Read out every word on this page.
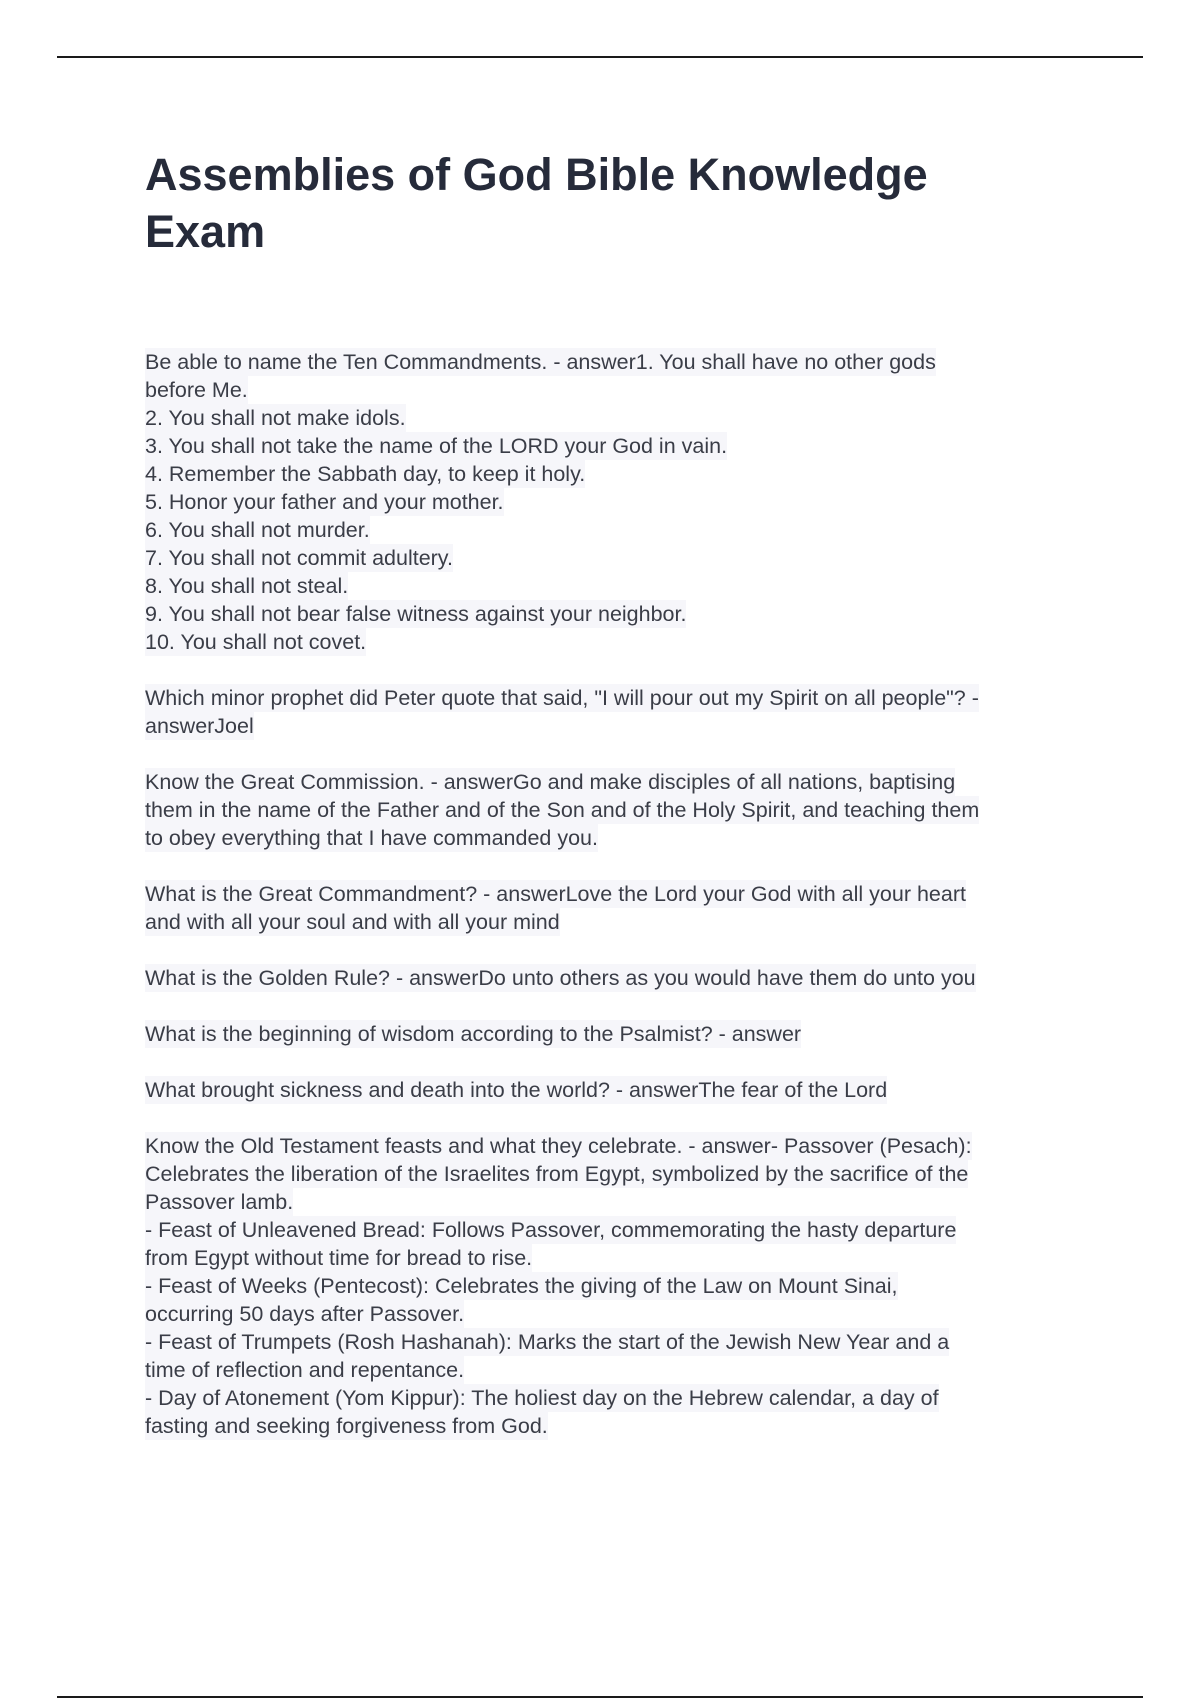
Assemblies of God Bible Knowledge
Exam
Be able to name the Ten Commandments. - answer1. You shall have no other gods
before Me.
2. You shall not make idols.
3. You shall not take the name of the LORD your God in vain.
4. Remember the Sabbath day, to keep it holy.
5. Honor your father and your mother.
6. You shall not murder.
7. You shall not commit adultery.
8. You shall not steal.
9. You shall not bear false witness against your neighbor.
10. You shall not covet.
Which minor prophet did Peter quote that said, "I will pour out my Spirit on all people"? -
answerJoel
Know the Great Commission. - answerGo and make disciples of all nations, baptising
them in the name of the Father and of the Son and of the Holy Spirit, and teaching them
to obey everything that I have commanded you.
What is the Great Commandment? - answerLove the Lord your God with all your heart
and with all your soul and with all your mind
What is the Golden Rule? - answerDo unto others as you would have them do unto you
What is the beginning of wisdom according to the Psalmist? - answer
What brought sickness and death into the world? - answerThe fear of the Lord
Know the Old Testament feasts and what they celebrate. - answer- Passover (Pesach):
Celebrates the liberation of the Israelites from Egypt, symbolized by the sacrifice of the
Passover lamb.
- Feast of Unleavened Bread: Follows Passover, commemorating the hasty departure
from Egypt without time for bread to rise.
- Feast of Weeks (Pentecost): Celebrates the giving of the Law on Mount Sinai,
occurring 50 days after Passover.
- Feast of Trumpets (Rosh Hashanah): Marks the start of the Jewish New Year and a
time of reflection and repentance.
- Day of Atonement (Yom Kippur): The holiest day on the Hebrew calendar, a day of
fasting and seeking forgiveness from God.
